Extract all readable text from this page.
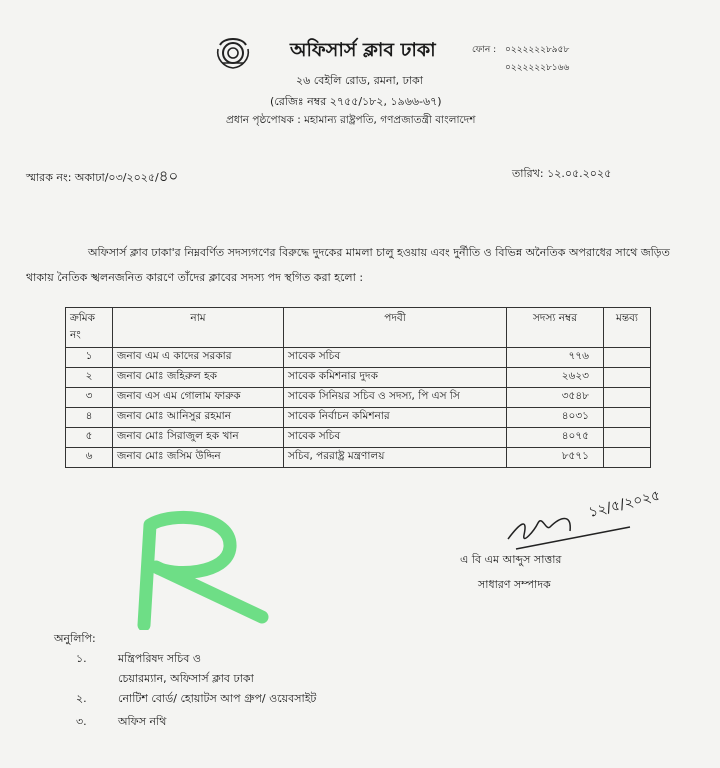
অফিসার্স ক্লাব ঢাকা	ফোন : ০২২২২২২৮৯৫৮
০২২২২২২৮১৬৬
২৬ বেইলি রোড, রমনা, ঢাকা
(রেজিঃ নম্বর ২৭৫৫/১৮২, ১৯৬৬-৬৭)
প্রধান পৃষ্ঠপোষক : মহামান্য রাষ্ট্রপতি, গণপ্রজাতন্ত্রী বাংলাদেশ
স্মারক নং: অকাঢা/০৩/২০২৫/৪০	তারিখ: ১২.০৫.২০২৫
অফিসার্স ক্লাব ঢাকা'র নিম্নবর্ণিত সদস্যগণের বিরুদ্ধে দুদকের মামলা চালু হওয়ায় এবং দুর্নীতি ও বিভিন্ন অনৈতিক অপরাধের সাথে জড়িত থাকায় নৈতিক স্খলনজনিত কারণে তাঁদের ক্লাবের সদস্য পদ স্থগিত করা হলো :
ক্রমিক নং	নাম	পদবী	সদস্য নম্বর	মন্তব্য
১	জনাব এম এ কাদের সরকার	সাবেক সচিব	৭৭৬	
২	জনাব মোঃ জহিরুল হক	সাবেক কমিশনার দুদক	২৬২৩	
৩	জনাব এস এম গোলাম ফারুক	সাবেক সিনিয়র সচিব ও সদস্য, পি এস সি	৩৫৪৮	
৪	জনাব মোঃ আনিসুর রহমান	সাবেক নির্বাচন কমিশনার	৪০৩১	
৫	জনাব মোঃ সিরাজুল হক খান	সাবেক সচিব	৪০৭৫	
৬	জনাব মোঃ জসিম উদ্দিন	সচিব, পররাষ্ট্র মন্ত্রণালয়	৮৫৭১	
১২/৫/২০২৫
এ বি এম আব্দুস সাত্তার
সাধারণ সম্পাদক
অনুলিপি:
১.	মন্ত্রিপরিষদ সচিব ও
চেয়ারম্যান, অফিসার্স ক্লাব ঢাকা
২.	নোটিশ বোর্ড/ হোয়াটস আপ গ্রুপ/ ওয়েবসাইট
৩.	অফিস নথি
